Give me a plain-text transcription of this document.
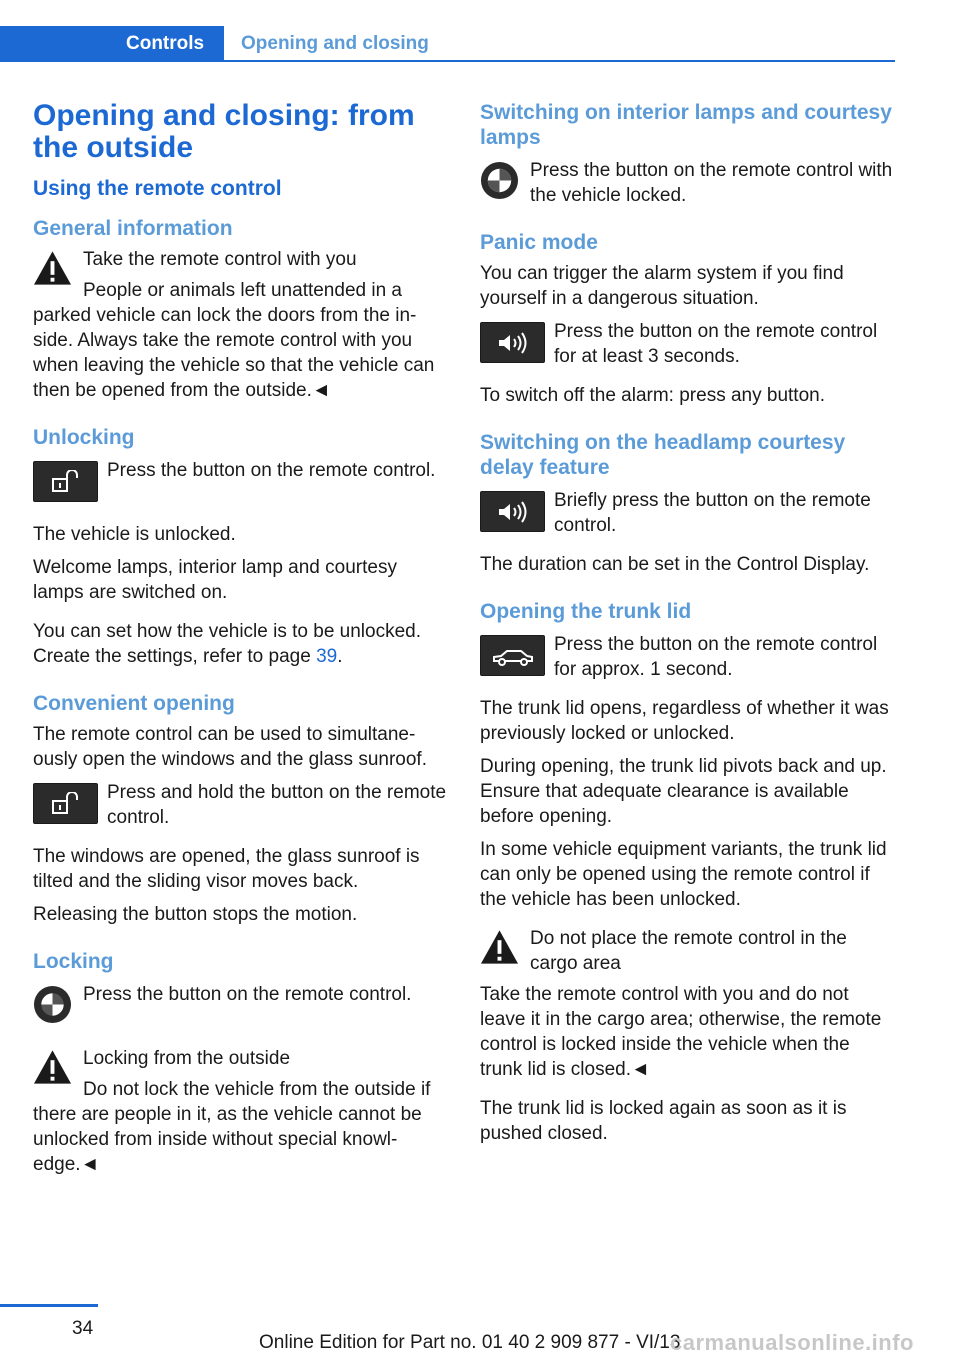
Controls Opening and closing
Opening and closing: from the outside
Using the remote control
General information
Take the remote control with you
People or animals left unattended in a parked vehicle can lock the doors from the inside. Always take the remote control with you when leaving the vehicle so that the vehicle can then be opened from the outside.◄
Unlocking
Press the button on the remote control.

The vehicle is unlocked.

Welcome lamps, interior lamp and courtesy lamps are switched on.

You can set how the vehicle is to be unlocked. Create the settings, refer to page 39.

Convenient opening

The remote control can be used to simultaneously open the windows and the glass sunroof.

Press and hold the button on the remote control.

The windows are opened, the glass sunroof is tilted and the sliding visor moves back.

Releasing the button stops the motion.

Locking
Press the button on the remote control.
Locking from the outside
Do not lock the vehicle from the outside if there are people in it, as the vehicle cannot be unlocked from inside without special knowledge.◄
Switching on interior lamps and courtesy lamps
Press the button on the remote control with the vehicle locked.
Panic mode

You can trigger the alarm system if you find yourself in a dangerous situation.

Press the button on the remote control for at least 3 seconds.

To switch off the alarm: press any button.

Switching on the headlamp courtesy delay feature
Briefly press the button on the remote control.

The duration can be set in the Control Display.

Opening the trunk lid
Press the button on the remote control for approx. 1 second.

The trunk lid opens, regardless of whether it was previously locked or unlocked.

During opening, the trunk lid pivots back and up. Ensure that adequate clearance is available before opening.

In some vehicle equipment variants, the trunk lid can only be opened using the remote control if the vehicle has been unlocked.

Do not place the remote control in the cargo area
Take the remote control with you and do not leave it in the cargo area; otherwise, the remote control is locked inside the vehicle when the trunk lid is closed.◄

The trunk lid is locked again as soon as it is pushed closed.

34
Online Edition for Part no. 01 40 2 909 877 - VI/13
carmanualsonline.info
